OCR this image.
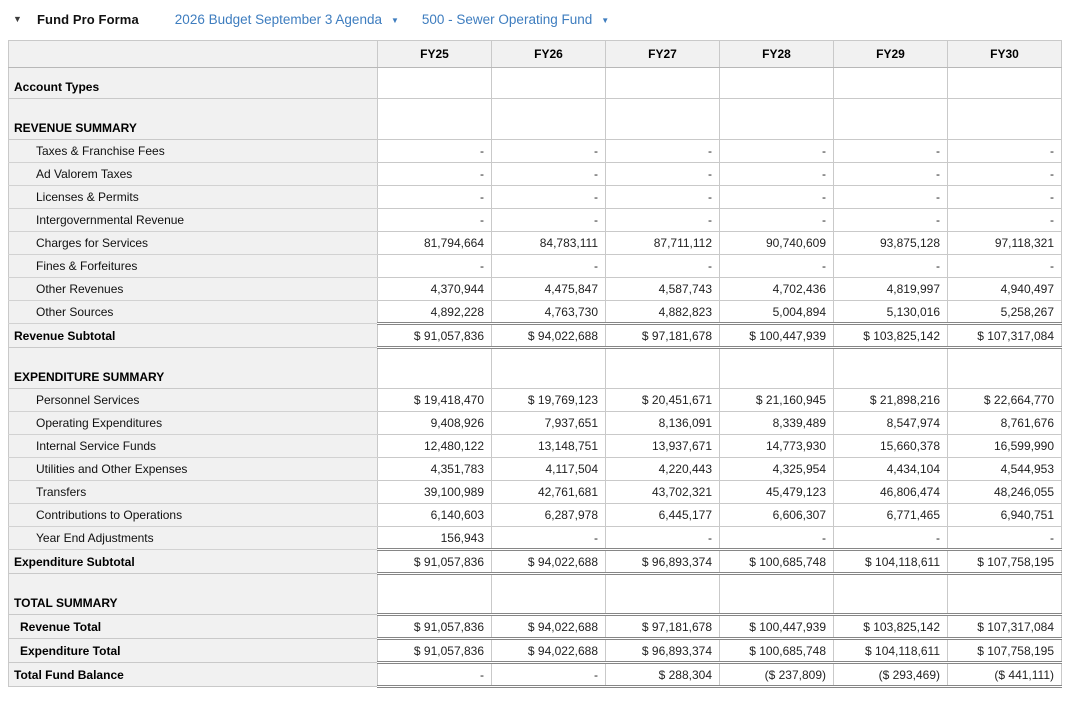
▼	Fund Pro Forma	2026 Budget September 3 Agenda ▼ 500 - Sewer Operating Fund ▼
	FY25	FY26	FY27	FY28	FY29	FY30
Account Types						
REVENUE SUMMARY						
Taxes & Franchise Fees	-	-	-	-	-	-
Ad Valorem Taxes	-	-	-	-	-	-
Licenses & Permits	-	-	-	-	-	-
Intergovernmental Revenue	-	-	-	-	-	-
Charges for Services	81,794,664	84,783,111	87,711,112	90,740,609	93,875,128	97,118,321
Fines & Forfeitures	-	-	-	-	-	-
Other Revenues	4,370,944	4,475,847	4,587,743	4,702,436	4,819,997	4,940,497
Other Sources	4,892,228	4,763,730	4,882,823	5,004,894	5,130,016	5,258,267
Revenue Subtotal	$ 91,057,836	$ 94,022,688	$ 97,181,678	$ 100,447,939	$ 103,825,142	$ 107,317,084
EXPENDITURE SUMMARY						
Personnel Services	$ 19,418,470	$ 19,769,123	$ 20,451,671	$ 21,160,945	$ 21,898,216	$ 22,664,770
Operating Expenditures	9,408,926	7,937,651	8,136,091	8,339,489	8,547,974	8,761,676
Internal Service Funds	12,480,122	13,148,751	13,937,671	14,773,930	15,660,378	16,599,990
Utilities and Other Expenses	4,351,783	4,117,504	4,220,443	4,325,954	4,434,104	4,544,953
Transfers	39,100,989	42,761,681	43,702,321	45,479,123	46,806,474	48,246,055
Contributions to Operations	6,140,603	6,287,978	6,445,177	6,606,307	6,771,465	6,940,751
Year End Adjustments	156,943	-	-	-	-	-
Expenditure Subtotal	$ 91,057,836	$ 94,022,688	$ 96,893,374	$ 100,685,748	$ 104,118,611	$ 107,758,195
TOTAL SUMMARY						
Revenue Total	$ 91,057,836	$ 94,022,688	$ 97,181,678	$ 100,447,939	$ 103,825,142	$ 107,317,084
Expenditure Total	$ 91,057,836	$ 94,022,688	$ 96,893,374	$ 100,685,748	$ 104,118,611	$ 107,758,195
Total Fund Balance	-	-	$ 288,304	($ 237,809)	($ 293,469)	($ 441,111)
